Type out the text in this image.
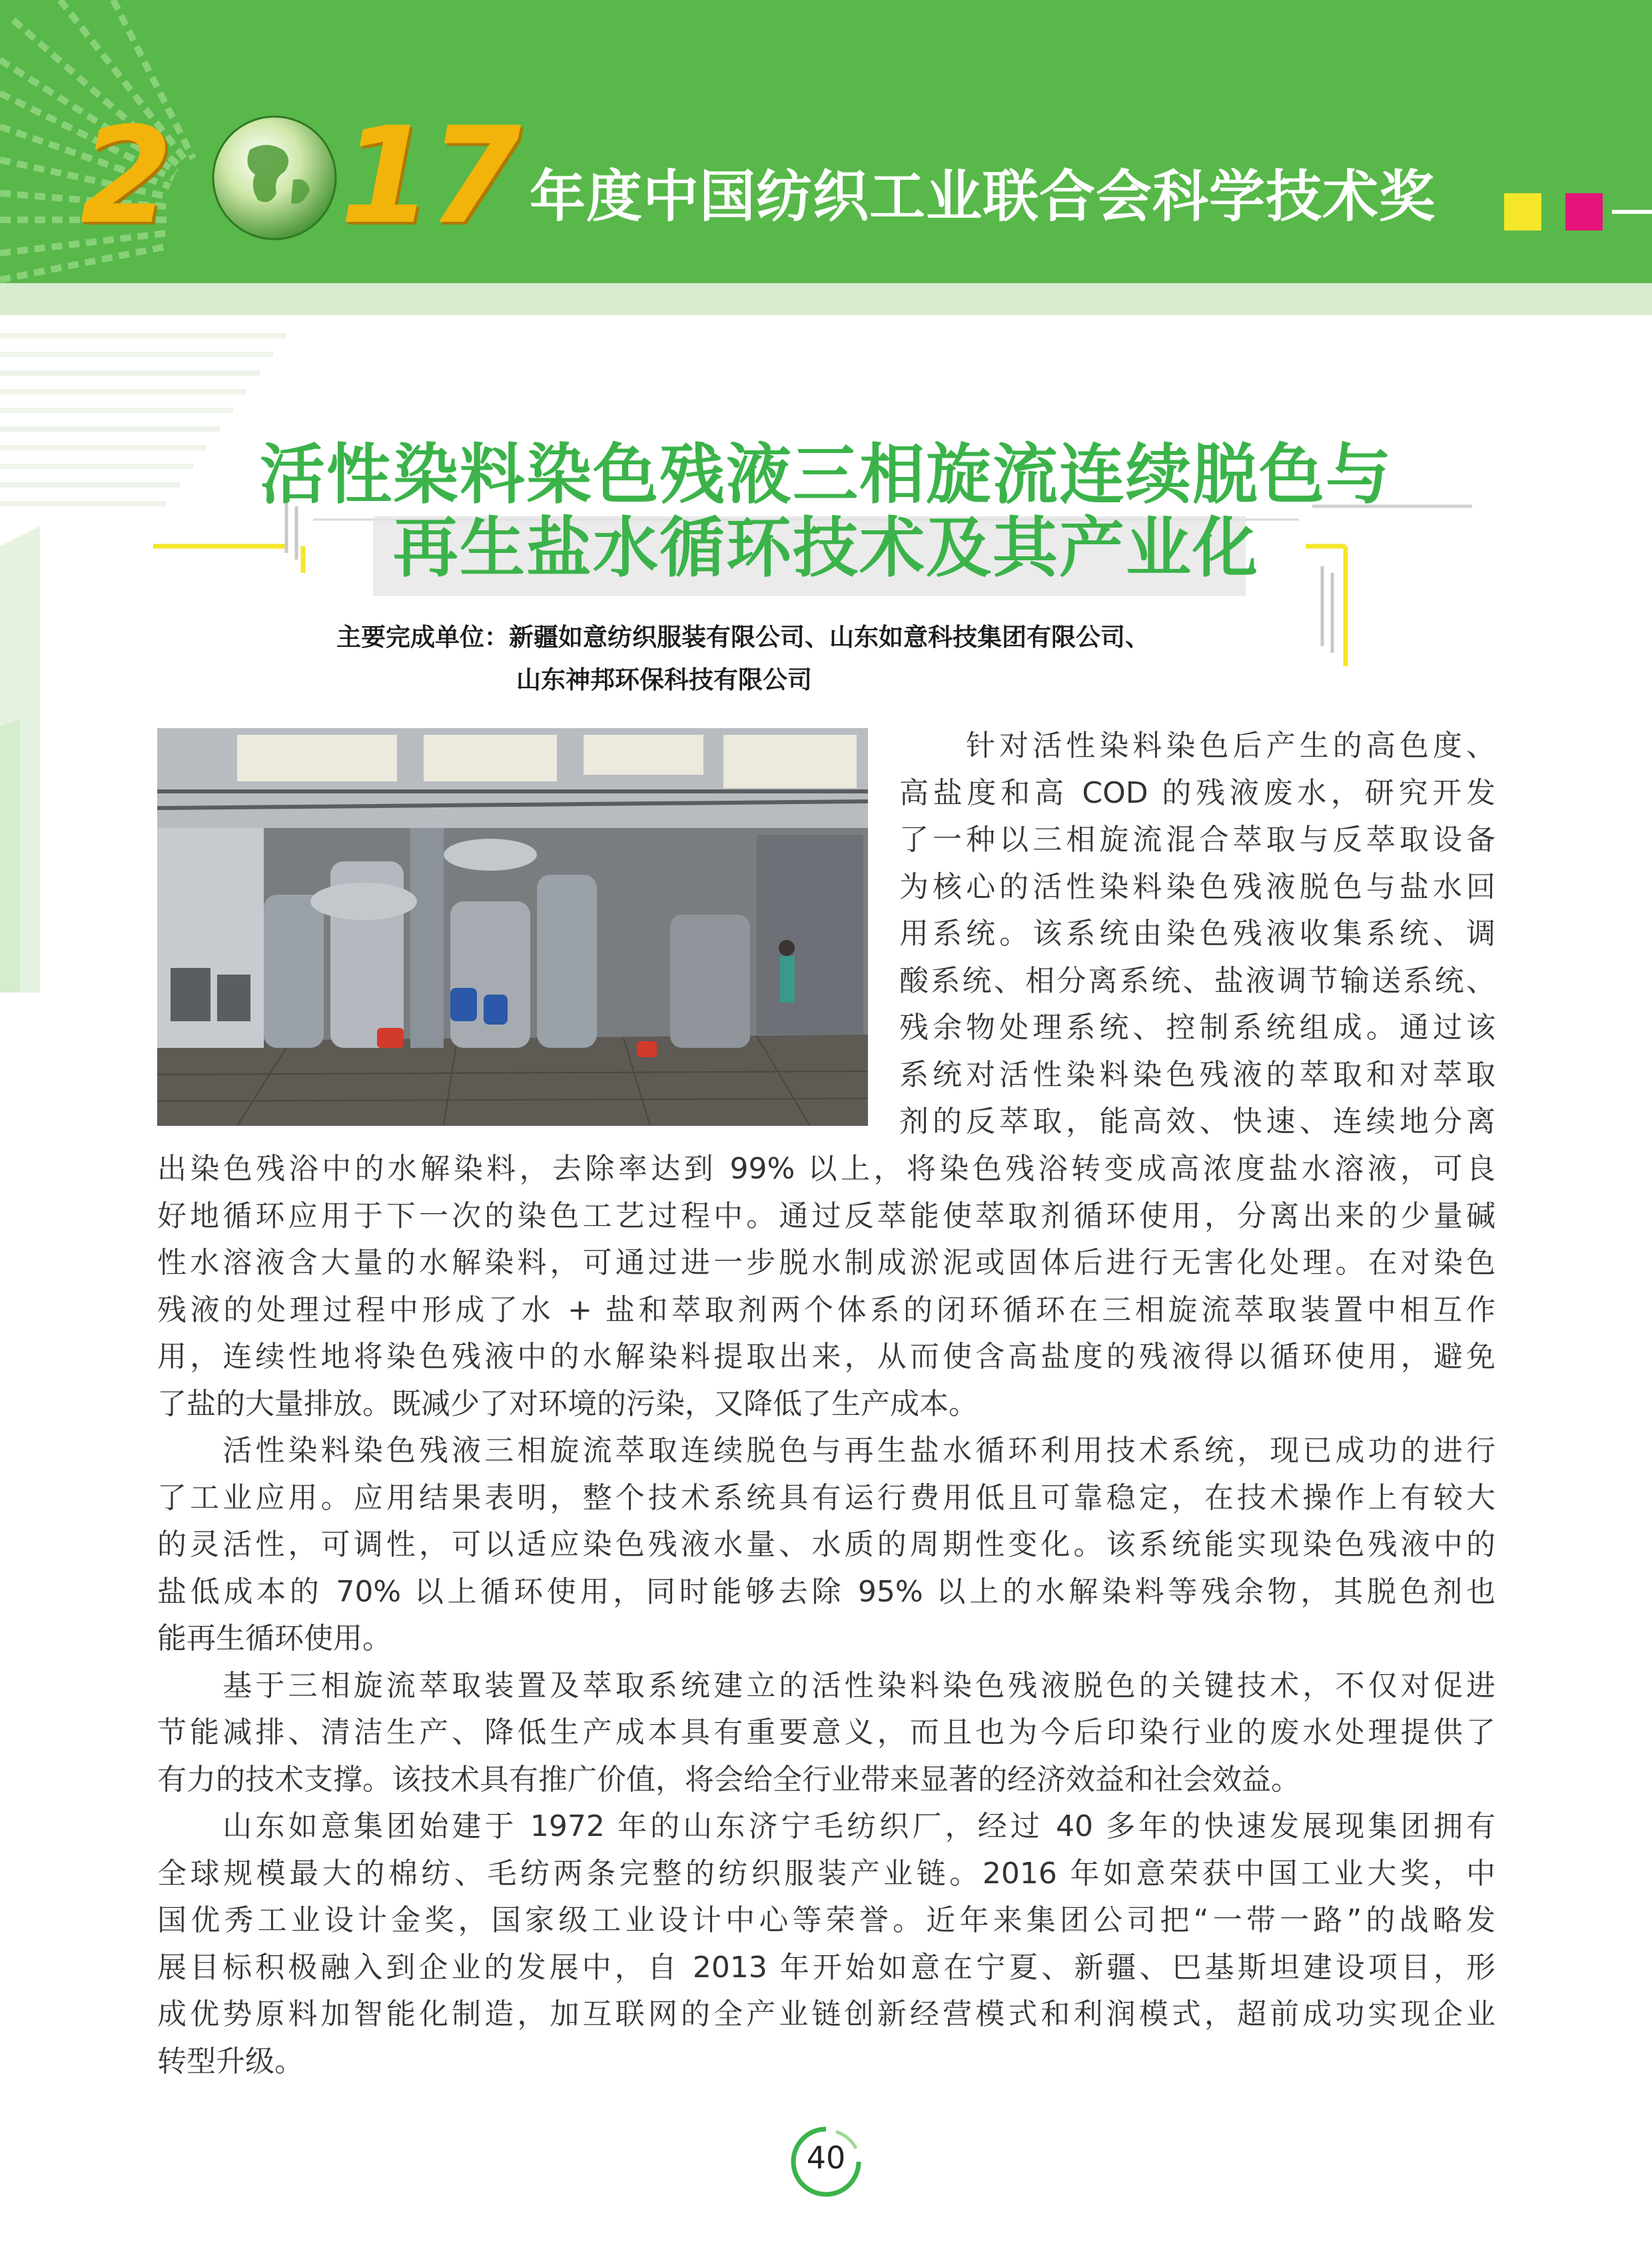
2 17 年度中国纺织工业联合会科学技术奖
活性染料染色残液三相旋流连续脱色与
再生盐水循环技术及其产业化
主要完成单位：新疆如意纺织服装有限公司、山东如意科技集团有限公司、
山东神邦环保科技有限公司
　　针对活性染料染色后产生的高色度、
高盐度和高 COD 的残液废水，研究开发
了一种以三相旋流混合萃取与反萃取设备
为核心的活性染料染色残液脱色与盐水回
用系统。该系统由染色残液收集系统、调
酸系统、相分离系统、盐液调节输送系统、
残余物处理系统、控制系统组成。通过该
系统对活性染料染色残液的萃取和对萃取
剂的反萃取，能高效、快速、连续地分离
出染色残浴中的水解染料，去除率达到 99% 以上，将染色残浴转变成高浓度盐水溶液，可良
好地循环应用于下一次的染色工艺过程中。通过反萃能使萃取剂循环使用，分离出来的少量碱
性水溶液含大量的水解染料，可通过进一步脱水制成淤泥或固体后进行无害化处理。在对染色
残液的处理过程中形成了水 + 盐和萃取剂两个体系的闭环循环在三相旋流萃取装置中相互作
用，连续性地将染色残液中的水解染料提取出来，从而使含高盐度的残液得以循环使用，避免
了盐的大量排放。既减少了对环境的污染，又降低了生产成本。
　　活性染料染色残液三相旋流萃取连续脱色与再生盐水循环利用技术系统，现已成功的进行
了工业应用。应用结果表明，整个技术系统具有运行费用低且可靠稳定，在技术操作上有较大
的灵活性，可调性，可以适应染色残液水量、水质的周期性变化。该系统能实现染色残液中的
盐低成本的 70% 以上循环使用，同时能够去除 95% 以上的水解染料等残余物，其脱色剂也
能再生循环使用。
　　基于三相旋流萃取装置及萃取系统建立的活性染料染色残液脱色的关键技术，不仅对促进
节能减排、清洁生产、降低生产成本具有重要意义，而且也为今后印染行业的废水处理提供了
有力的技术支撑。该技术具有推广价值，将会给全行业带来显著的经济效益和社会效益。
　　山东如意集团始建于 1972 年的山东济宁毛纺织厂，经过 40 多年的快速发展现集团拥有
全球规模最大的棉纺、毛纺两条完整的纺织服装产业链。2016 年如意荣获中国工业大奖，中
国优秀工业设计金奖，国家级工业设计中心等荣誉。近年来集团公司把“一带一路”的战略发
展目标积极融入到企业的发展中，自 2013 年开始如意在宁夏、新疆、巴基斯坦建设项目，形
成优势原料加智能化制造，加互联网的全产业链创新经营模式和利润模式，超前成功实现企业
转型升级。
40
